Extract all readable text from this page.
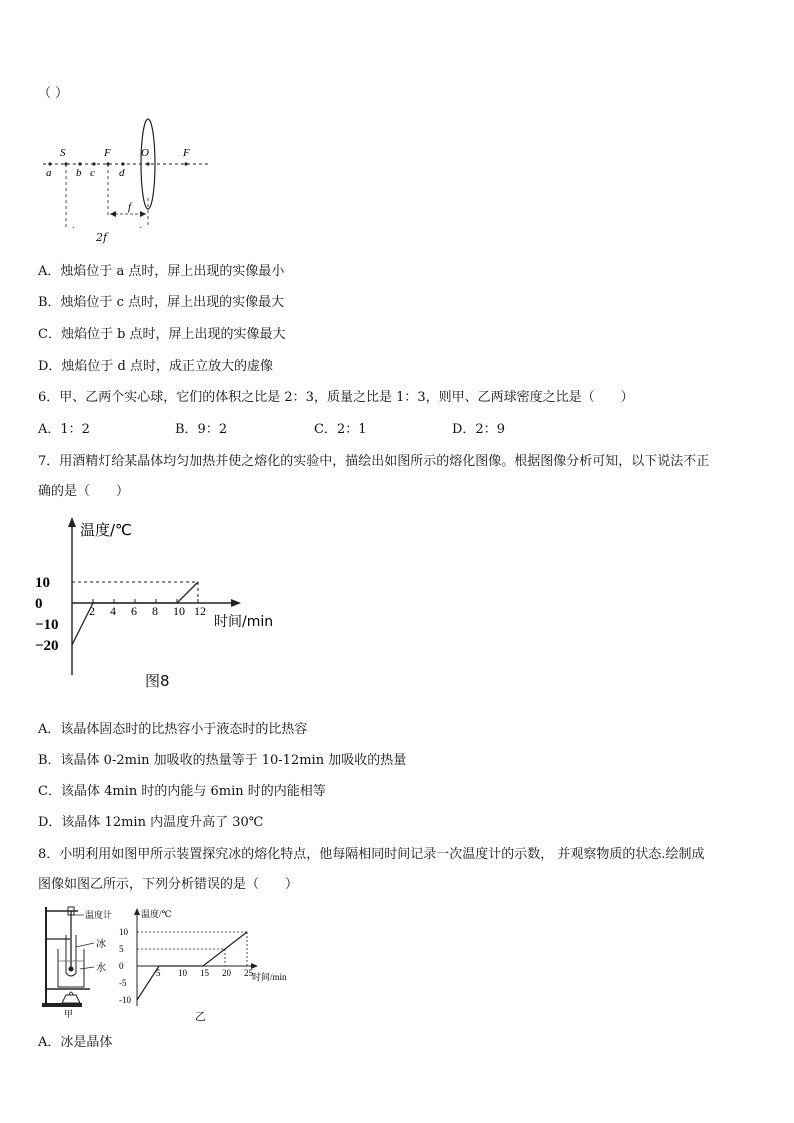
（ ）
S	F	O	F
a b c d
f
2f
A．烛焰位于 a 点时，屏上出现的实像最小
B．烛焰位于 c 点时，屏上出现的实像最大
C．烛焰位于 b 点时，屏上出现的实像最大
D．烛焰位于 d 点时，成正立放大的虚像
6．甲、乙两个实心球，它们的体积之比是 2：3，质量之比是 1：3，则甲、乙两球密度之比是（　　）
A．1：2	B．9：2	C．2：1	D．2：9
7．用酒精灯给某晶体均匀加热并使之熔化的实验中，描绘出如图所示的熔化图像。根据图像分析可知，以下说法不正
确的是（　　）
温度/℃
时间/min
2 4 6 8 10 12
10
0
−10
−20
图8
A．该晶体固态时的比热容小于液态时的比热容
B．该晶体 0-2min 加吸收的热量等于 10-12min 加吸收的热量
C．该晶体 4min 时的内能与 6min 时的内能相等
D．该晶体 12min 内温度升高了 30℃
8．小明利用如图甲所示装置探究冰的熔化特点，他每隔相同时间记录一次温度计的示数， 并观察物质的状态.绘制成
图像如图乙所示，下列分析错误的是（　　）
温度计
冰
水
甲
温度/℃
时间/min
5 10 15 20 25
10
5
0
-5
-10
乙
A．冰是晶体
